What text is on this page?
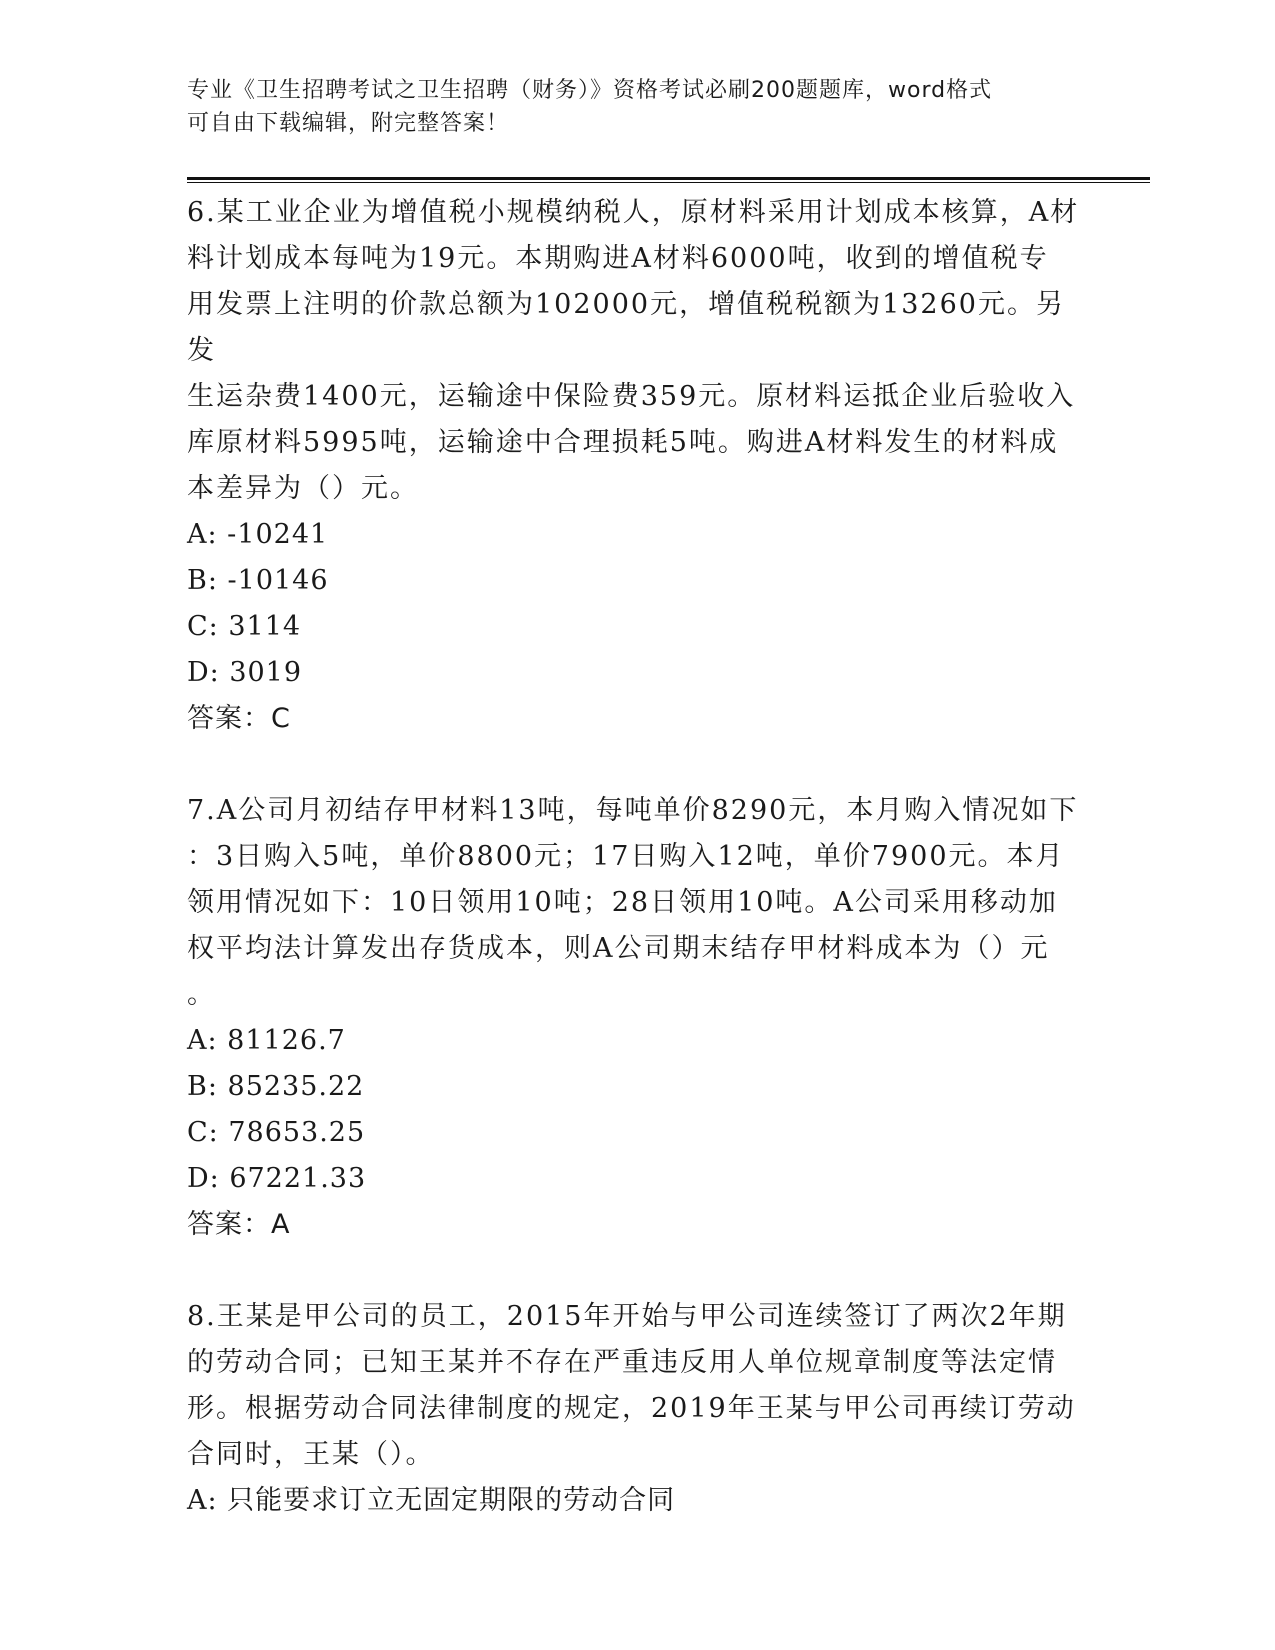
专业《卫生招聘考试之卫生招聘（财务）》资格考试必刷200题题库，word格式
可自由下载编辑，附完整答案！

6.某工业企业为增值税小规模纳税人，原材料采用计划成本核算，A材

料计划成本每吨为19元。本期购进A材料6000吨，收到的增值税专

用发票上注明的价款总额为102000元，增值税税额为13260元。另发

生运杂费1400元，运输途中保险费359元。原材料运抵企业后验收入

库原材料5995吨，运输途中合理损耗5吨。购进A材料发生的材料成

本差异为（）元。

A: -10241

B: -10146

C: 3114

D: 3019

答案：C

7.A公司月初结存甲材料13吨，每吨单价8290元，本月购入情况如下

：3日购入5吨，单价8800元；17日购入12吨，单价7900元。本月

领用情况如下：10日领用10吨；28日领用10吨。A公司采用移动加

权平均法计算发出存货成本，则A公司期末结存甲材料成本为（）元

。

A: 81126.7

B: 85235.22

C: 78653.25

D: 67221.33

答案：A

8.王某是甲公司的员工，2015年开始与甲公司连续签订了两次2年期

的劳动合同；已知王某并不存在严重违反用人单位规章制度等法定情

形。根据劳动合同法律制度的规定，2019年王某与甲公司再续订劳动

合同时，王某（）。

A: 只能要求订立无固定期限的劳动合同
